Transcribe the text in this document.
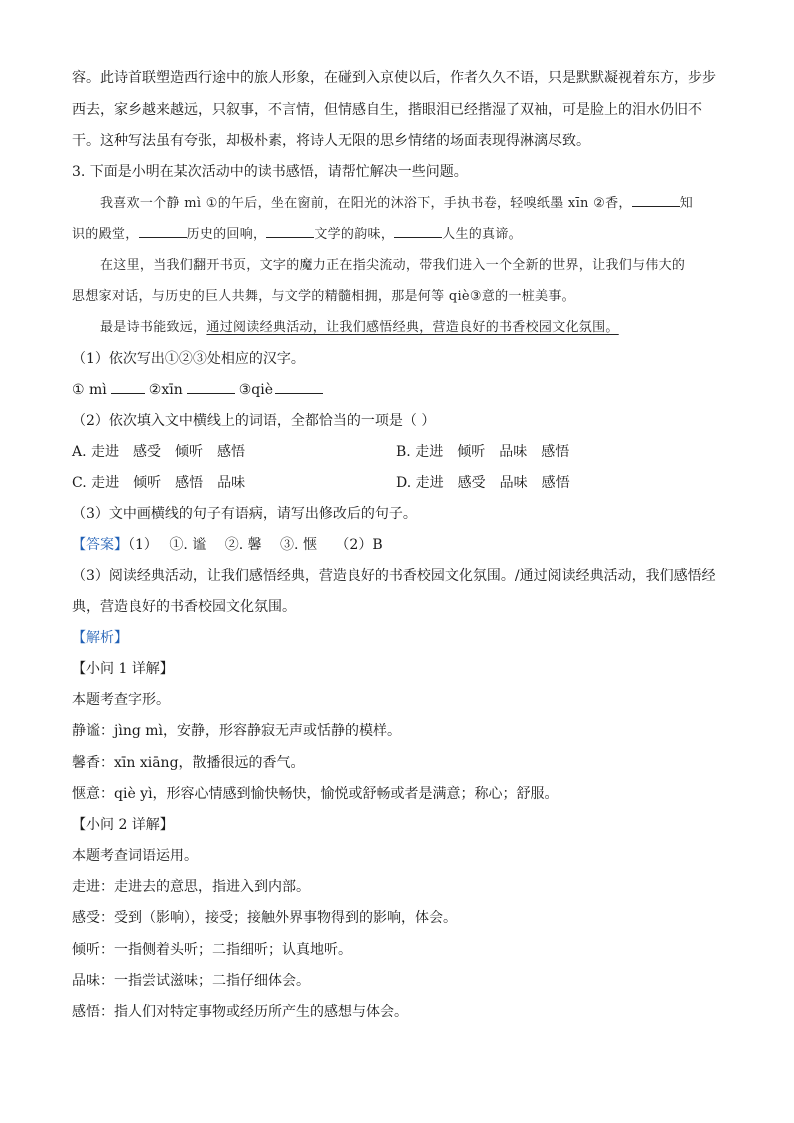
容。此诗首联塑造西行途中的旅人形象，在碰到入京使以后，作者久久不语，只是默默凝视着东方，步步
西去，家乡越来越远，只叙事，不言情，但情感自生，揩眼泪已经揩湿了双袖，可是脸上的泪水仍旧不
干。这种写法虽有夸张，却极朴素，将诗人无限的思乡情绪的场面表现得淋漓尽致。
3. 下面是小明在某次活动中的读书感悟，请帮忙解决一些问题。
我喜欢一个静 mì ①的午后，坐在窗前，在阳光的沐浴下，手执书卷，轻嗅纸墨 xīn ②香，	知
识的殿堂，	历史的回响，	文学的韵味，	人生的真谛。
在这里，当我们翻开书页，文字的魔力正在指尖流动，带我们进入一个全新的世界，让我们与伟大的
思想家对话，与历史的巨人共舞，与文学的精髓相拥，那是何等 qiè③意的一桩美事。
最是诗书能致远，通过阅读经典活动，让我们感悟经典，营造良好的书香校园文化氛围。
（1）依次写出①②③处相应的汉字。
① mì	②xīn	③qiè
（2）依次填入文中横线上的词语，全都恰当的一项是（ ）
A. 走进　感受　倾听　感悟	B. 走进　倾听　品味　感悟
C. 走进　倾听　感悟　品味	D. 走进　感受　品味　感悟
（3）文中画横线的句子有语病，请写出修改后的句子。
【答案】（1）　 ①. 谧　 ②. 馨　 ③. 惬　 （2）B
（3）阅读经典活动，让我们感悟经典，营造良好的书香校园文化氛围。/通过阅读经典活动，我们感悟经
典，营造良好的书香校园文化氛围。
【解析】
【小问 1 详解】
本题考查字形。
静谧：jìng mì，安静，形容静寂无声或恬静的模样。
馨香：xīn xiāng，散播很远的香气。
惬意：qiè yì，形容心情感到愉快畅快，愉悦或舒畅或者是满意；称心；舒服。
【小问 2 详解】
本题考查词语运用。
走进：走进去的意思，指进入到内部。
感受：受到（影响），接受；接触外界事物得到的影响，体会。
倾听：一指侧着头听；二指细听；认真地听。
品味：一指尝试滋味；二指仔细体会。
感悟：指人们对特定事物或经历所产生的感想与体会。
